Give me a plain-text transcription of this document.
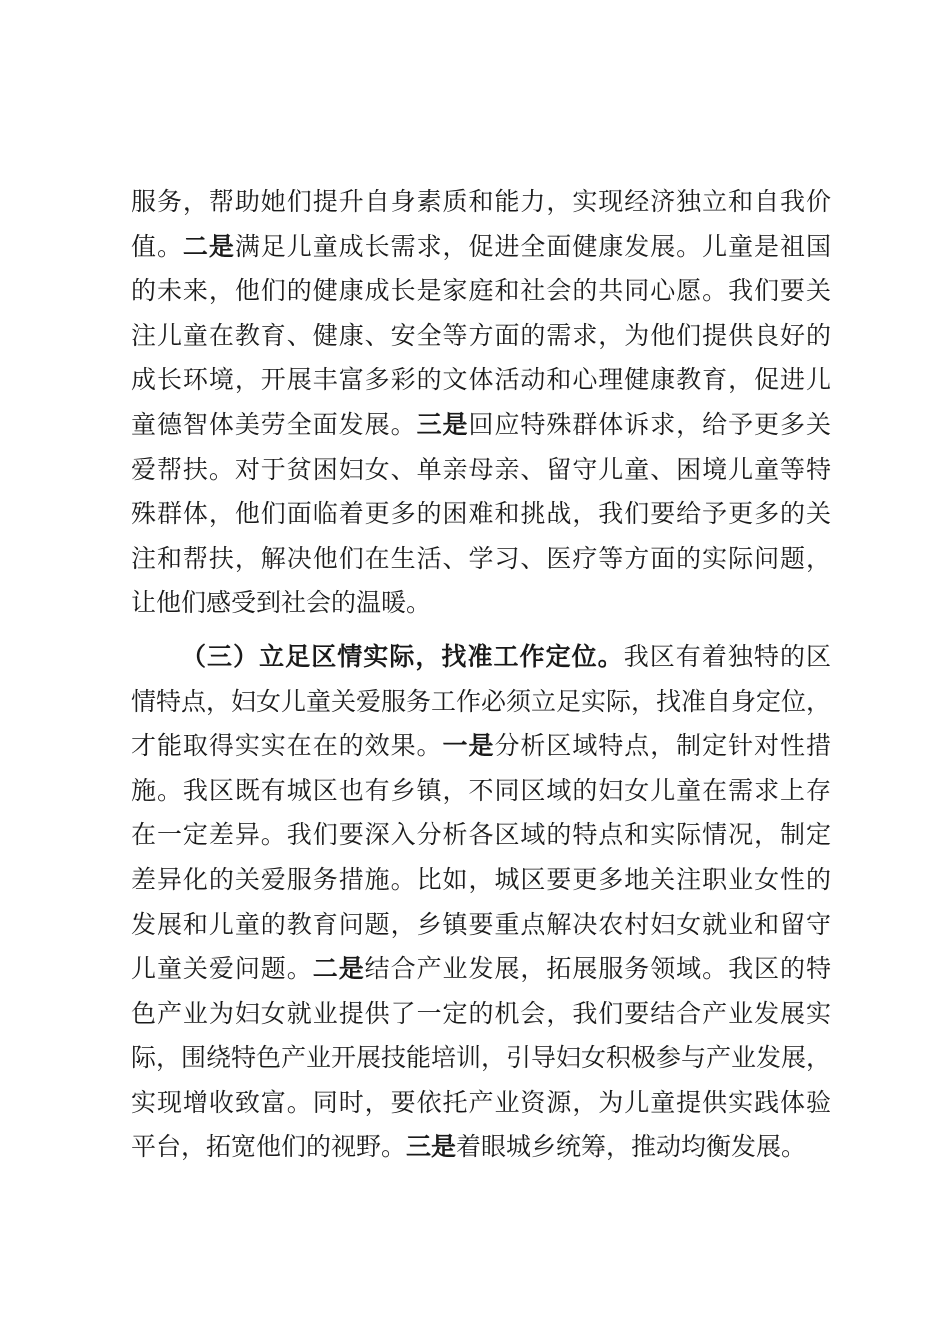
服务，帮助她们提升自身素质和能力，实现经济独立和自我价
值。二是满足儿童成长需求，促进全面健康发展。儿童是祖国
的未来，他们的健康成长是家庭和社会的共同心愿。我们要关
注儿童在教育、健康、安全等方面的需求，为他们提供良好的
成长环境，开展丰富多彩的文体活动和心理健康教育，促进儿
童德智体美劳全面发展。三是回应特殊群体诉求，给予更多关
爱帮扶。对于贫困妇女、单亲母亲、留守儿童、困境儿童等特
殊群体，他们面临着更多的困难和挑战，我们要给予更多的关
注和帮扶，解决他们在生活、学习、医疗等方面的实际问题，
让他们感受到社会的温暖。
（三）立足区情实际，找准工作定位。我区有着独特的区
情特点，妇女儿童关爱服务工作必须立足实际，找准自身定位，
才能取得实实在在的效果。一是分析区域特点，制定针对性措
施。我区既有城区也有乡镇，不同区域的妇女儿童在需求上存
在一定差异。我们要深入分析各区域的特点和实际情况，制定
差异化的关爱服务措施。比如，城区要更多地关注职业女性的
发展和儿童的教育问题，乡镇要重点解决农村妇女就业和留守
儿童关爱问题。二是结合产业发展，拓展服务领域。我区的特
色产业为妇女就业提供了一定的机会，我们要结合产业发展实
际，围绕特色产业开展技能培训，引导妇女积极参与产业发展，
实现增收致富。同时，要依托产业资源，为儿童提供实践体验
平台，拓宽他们的视野。三是着眼城乡统筹，推动均衡发展。
